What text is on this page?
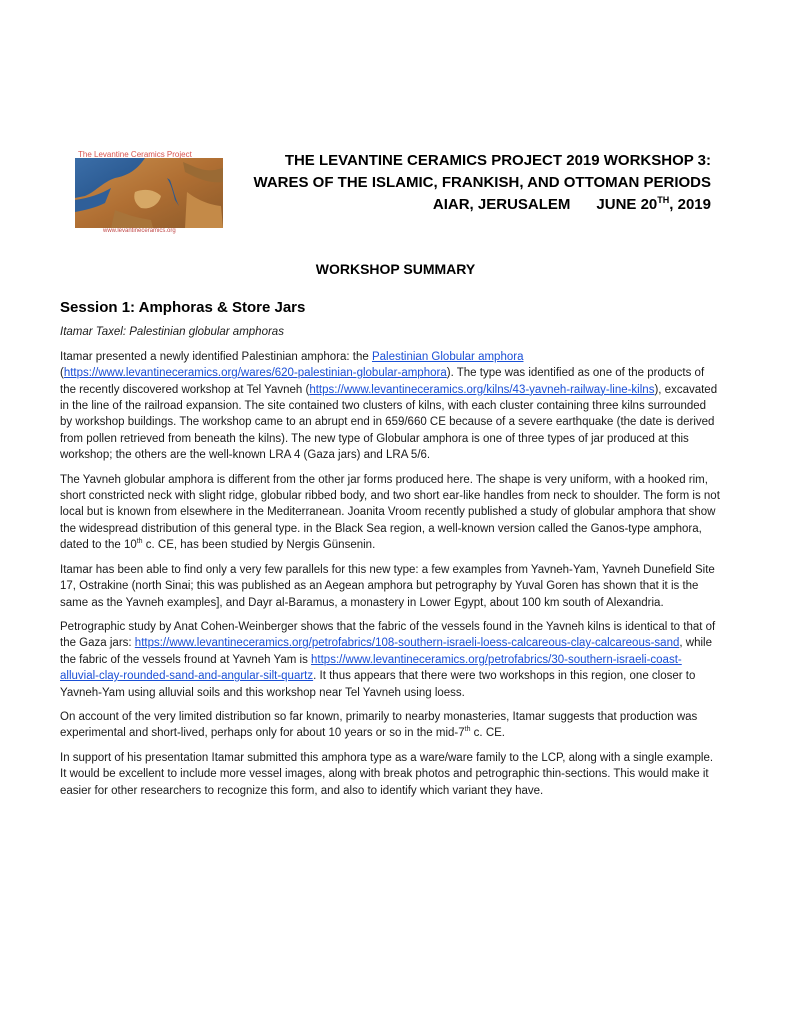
The Levantine Ceramics Project
www.levantineceramics.org
THE LEVANTINE CERAMICS PROJECT 2019 WORKSHOP 3:
WARES OF THE ISLAMIC, FRANKISH, AND OTTOMAN PERIODS
AIAR, JERUSALEM JUNE 20TH, 2019
WORKSHOP SUMMARY
Session 1: Amphoras & Store Jars
Itamar Taxel: Palestinian globular amphoras

Itamar presented a newly identified Palestinian amphora: the Palestinian Globular amphora (https://www.levantineceramics.org/wares/620-palestinian-globular-amphora). The type was identified as one of the products of the recently discovered workshop at Tel Yavneh (https://www.levantineceramics.org/kilns/43-yavneh-railway-line-kilns), excavated in the line of the railroad expansion. The site contained two clusters of kilns, with each cluster containing three kilns surrounded by workshop buildings. The workshop came to an abrupt end in 659/660 CE because of a severe earthquake (the date is derived from pollen retrieved from beneath the kilns). The new type of Globular amphora is one of three types of jar produced at this workshop; the others are the well-known LRA 4 (Gaza jars) and LRA 5/6.

The Yavneh globular amphora is different from the other jar forms produced here. The shape is very uniform, with a hooked rim, short constricted neck with slight ridge, globular ribbed body, and two short ear-like handles from neck to shoulder. The form is not local but is known from elsewhere in the Mediterranean. Joanita Vroom recently published a study of globular amphora that show the widespread distribution of this general type. in the Black Sea region, a well-known version called the Ganos-type amphora, dated to the 10th c. CE, has been studied by Nergis Günsenin.

Itamar has been able to find only a very few parallels for this new type: a few examples from Yavneh-Yam, Yavneh Dunefield Site 17, Ostrakine (north Sinai; this was published as an Aegean amphora but petrography by Yuval Goren has shown that it is the same as the Yavneh examples], and Dayr al-Baramus, a monastery in Lower Egypt, about 100 km south of Alexandria.

Petrographic study by Anat Cohen-Weinberger shows that the fabric of the vessels found in the Yavneh kilns is identical to that of the Gaza jars: https://www.levantineceramics.org/petrofabrics/108-southern-israeli-loess-calcareous-clay-calcareous-sand, while the fabric of the vessels fround at Yavneh Yam is https://www.levantineceramics.org/petrofabrics/30-southern-israeli-coast-alluvial-clay-rounded-sand-and-angular-silt-quartz. It thus appears that there were two workshops in this region, one closer to Yavneh-Yam using alluvial soils and this workshop near Tel Yavneh using loess.

On account of the very limited distribution so far known, primarily to nearby monasteries, Itamar suggests that production was experimental and short-lived, perhaps only for about 10 years or so in the mid-7th c. CE.

In support of his presentation Itamar submitted this amphora type as a ware/ware family to the LCP, along with a single example. It would be excellent to include more vessel images, along with break photos and petrographic thin-sections. This would make it easier for other researchers to recognize this form, and also to identify which variant they have.
